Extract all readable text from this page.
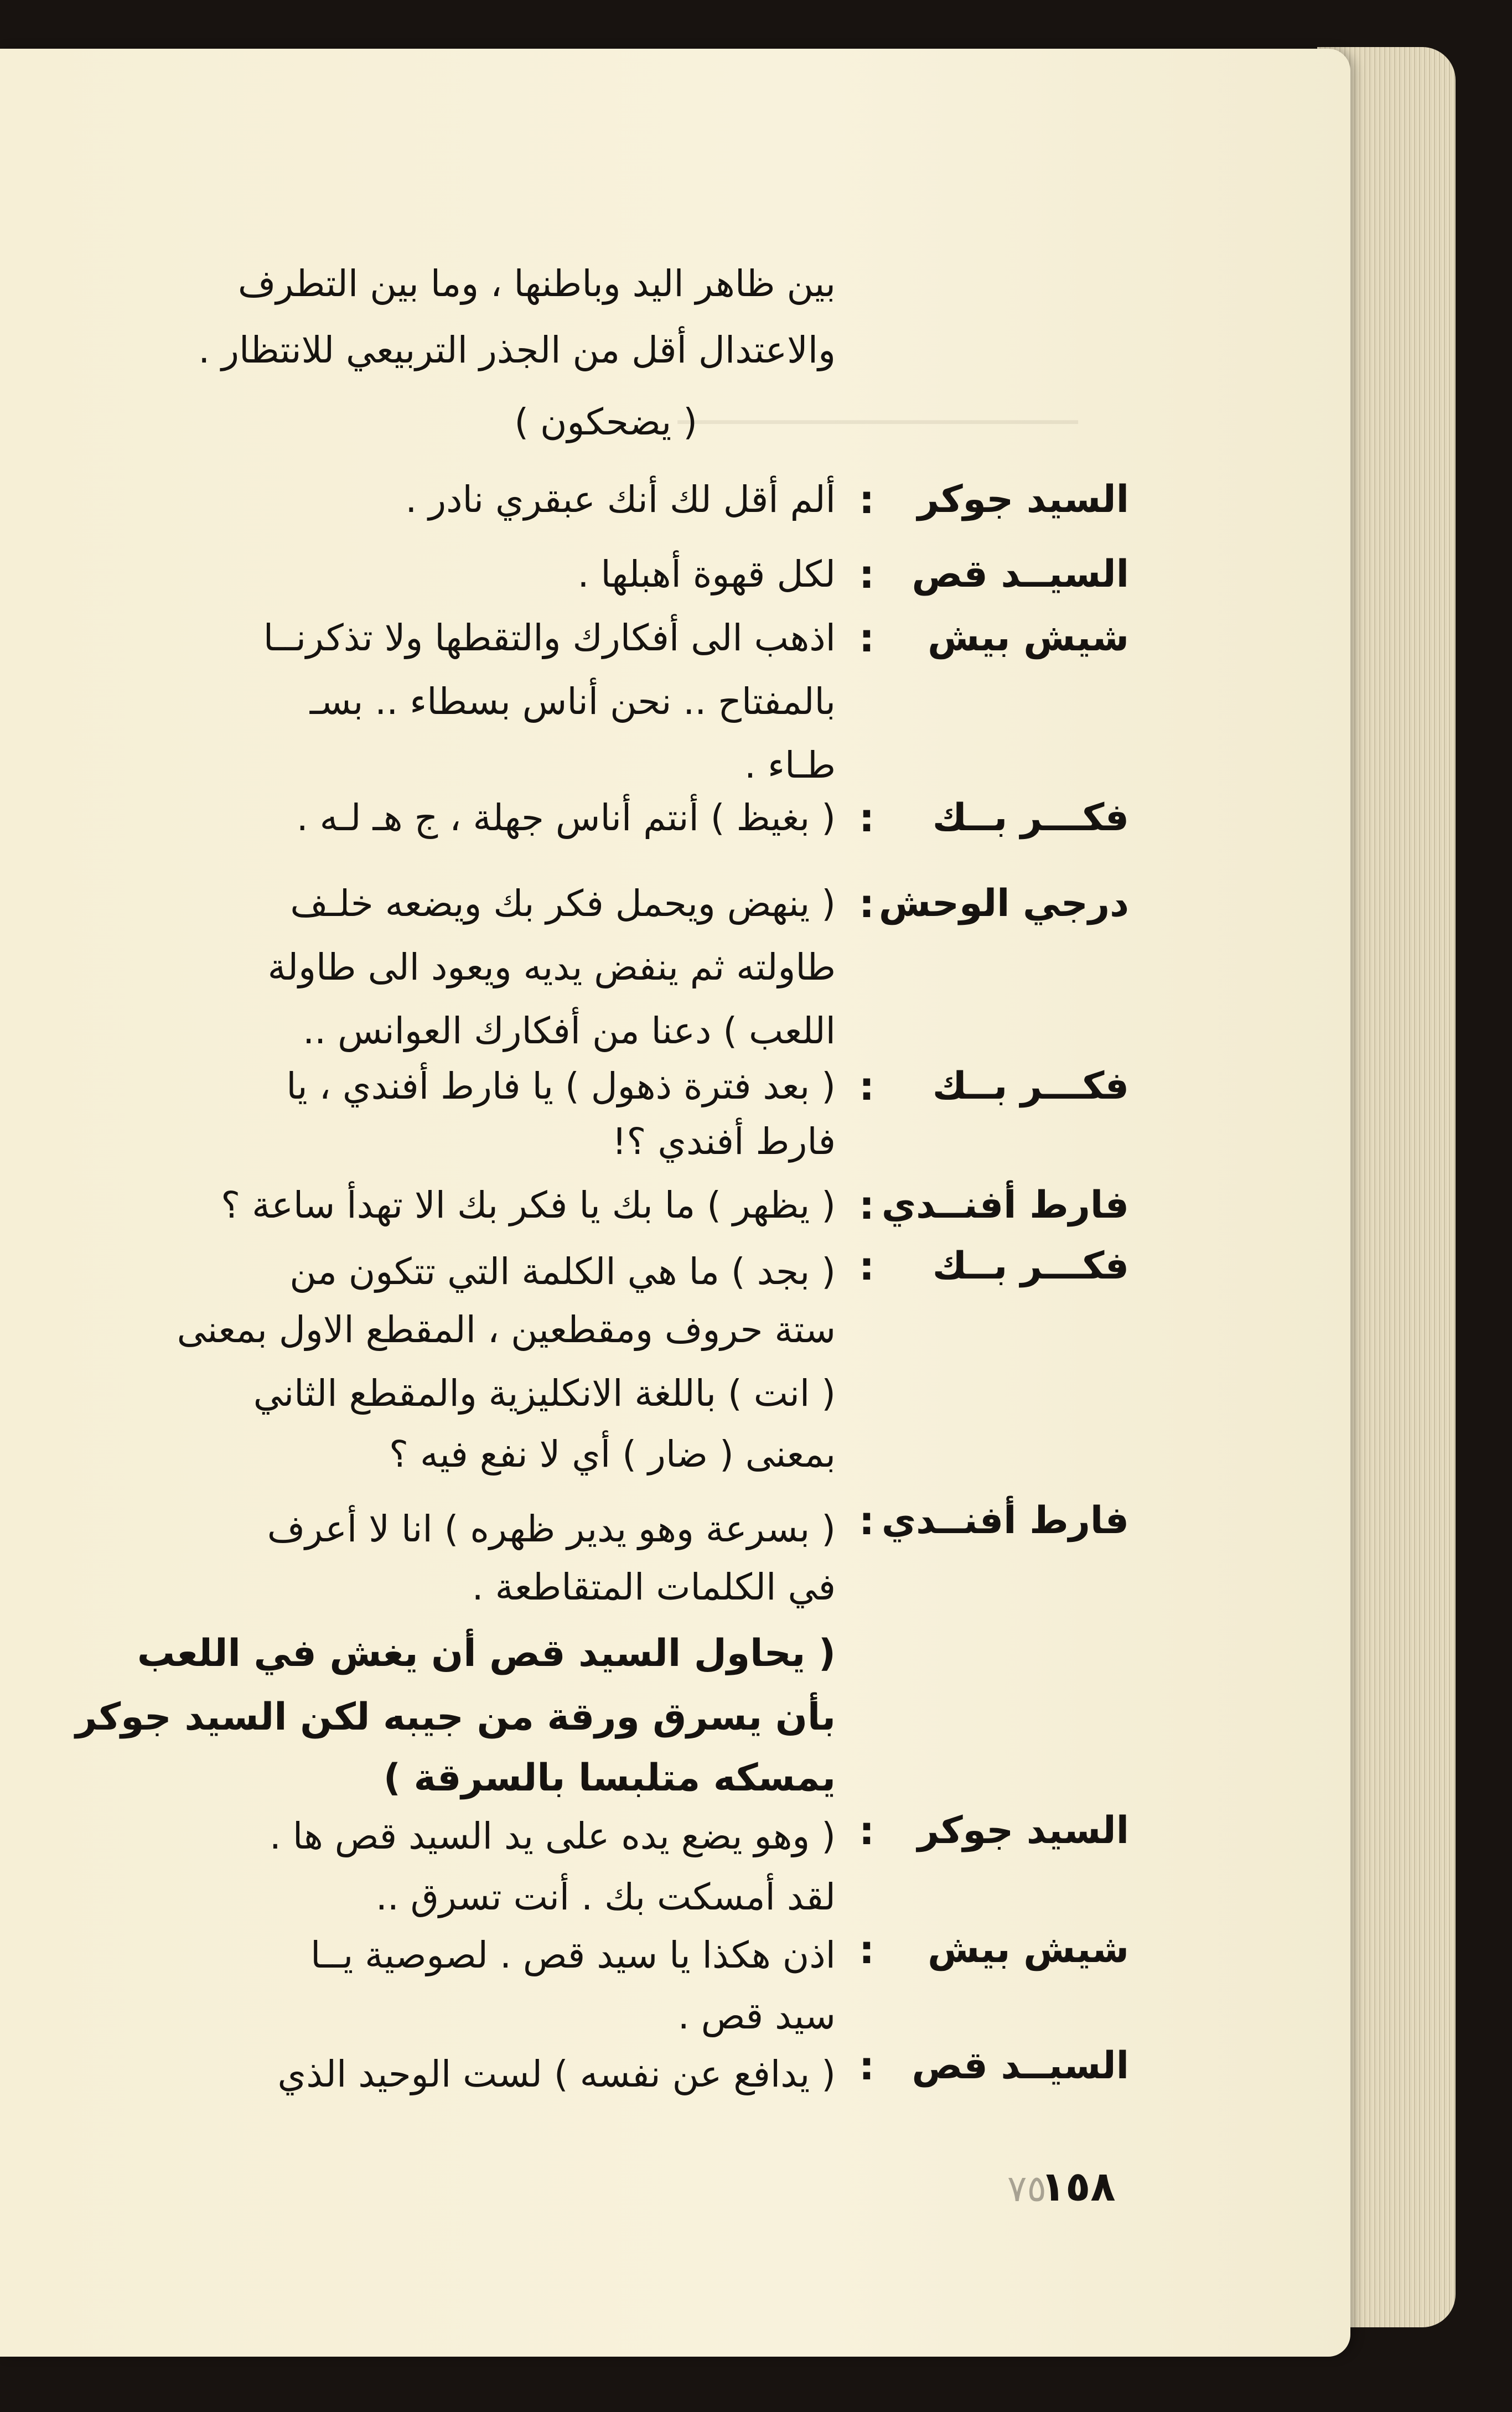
───────────────

بين ظاهر اليد وباطنها ، وما بين التطرف
والاعتدال أقل من الجذر التربيعي للانتظار .
( يضحكون )
السيد جوكر
:
ألم أقل لك أنك عبقري نادر .
السيــد قص
:
لكل قهوة أهبلها .
شيش بيش
:
اذهب الى أفكارك والتقطها ولا تذكرنــا
بالمفتاح .. نحن أناس بسطاء .. بسـ
طـاء .
فكـــر بــك
:
( بغيظ ) أنتم أناس جهلة ، ج هـ لـه .
درجي الوحش
:
( ينهض ويحمل فكر بك ويضعه خلـف
طاولته ثم ينفض يديه ويعود الى طاولة
اللعب ) دعنا من أفكارك العوانس ..
فكـــر بــك
:
( بعد فترة ذهول ) يا فارط أفندي ، يا
فارط أفندي ؟!
فارط أفنــدي
:
( يظهر ) ما بك يا فكر بك الا تهدأ ساعة ؟
فكـــر بــك
:
( بجد ) ما هي الكلمة التي تتكون من
ستة حروف ومقطعين ، المقطع الاول بمعنى
( انت ) باللغة الانكليزية والمقطع الثاني
بمعنى ( ضار ) أي لا نفع فيه ؟
فارط أفنــدي
:
( بسرعة وهو يدير ظهره ) انا لا أعرف
في الكلمات المتقاطعة .
( يحاول السيد قص أن يغش في اللعب
بأن يسرق ورقة من جيبه لكن السيد جوكر
يمسكه متلبسا بالسرقة )
السيد جوكر
:
( وهو يضع يده على يد السيد قص ها .
لقد أمسكت بك . أنت تسرق ..
شيش بيش
:
اذن هكذا يا سيد قص . لصوصية يــا
سيد قص .
السيــد قص
:
( يدافع عن نفسه ) لست الوحيد الذي
٧٥
١٥٨
